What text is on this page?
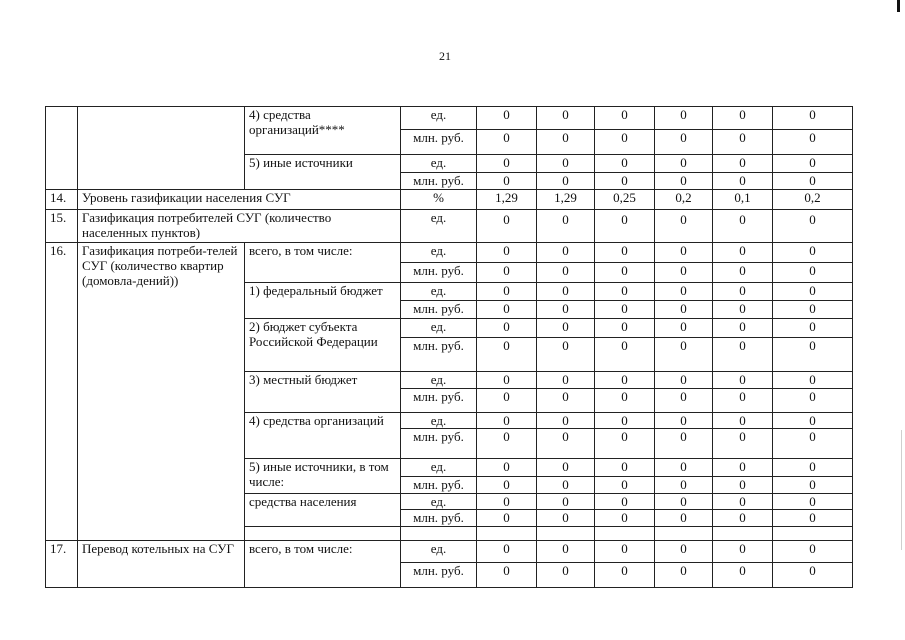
21
		4) средства организаций****	ед.	0	0	0	0	0	0
			млн. руб.	0	0	0	0	0	0
		5) иные источники	ед.	0	0	0	0	0	0
			млн. руб.	0	0	0	0	0	0
14.	Уровень газификации населения СУГ		%	1,29	1,29	0,25	0,2	0,1	0,2
15.	Газификация потребителей СУГ (количество населенных пунктов)		ед.	0	0	0	0	0	0
16.	Газификация потреби-телей СУГ (количество квартир (домовла-дений))	всего, в том числе:	ед.	0	0	0	0	0	0
			млн. руб.	0	0	0	0	0	0
		1) федеральный бюджет	ед.	0	0	0	0	0	0
			млн. руб.	0	0	0	0	0	0
		2) бюджет субъекта Российской Федерации	ед.	0	0	0	0	0	0
			млн. руб.	0	0	0	0	0	0
		3) местный бюджет	ед.	0	0	0	0	0	0
			млн. руб.	0	0	0	0	0	0
		4) средства организаций	ед.	0	0	0	0	0	0
			млн. руб.	0	0	0	0	0	0
		5) иные источники, в том числе:	ед.	0	0	0	0	0	0
			млн. руб.	0	0	0	0	0	0
		средства населения	ед.	0	0	0	0	0	0
			млн. руб.	0	0	0	0	0	0

17.	Перевод котельных на СУГ	всего, в том числе:	ед.	0	0	0	0	0	0
			млн. руб.	0	0	0	0	0	0
